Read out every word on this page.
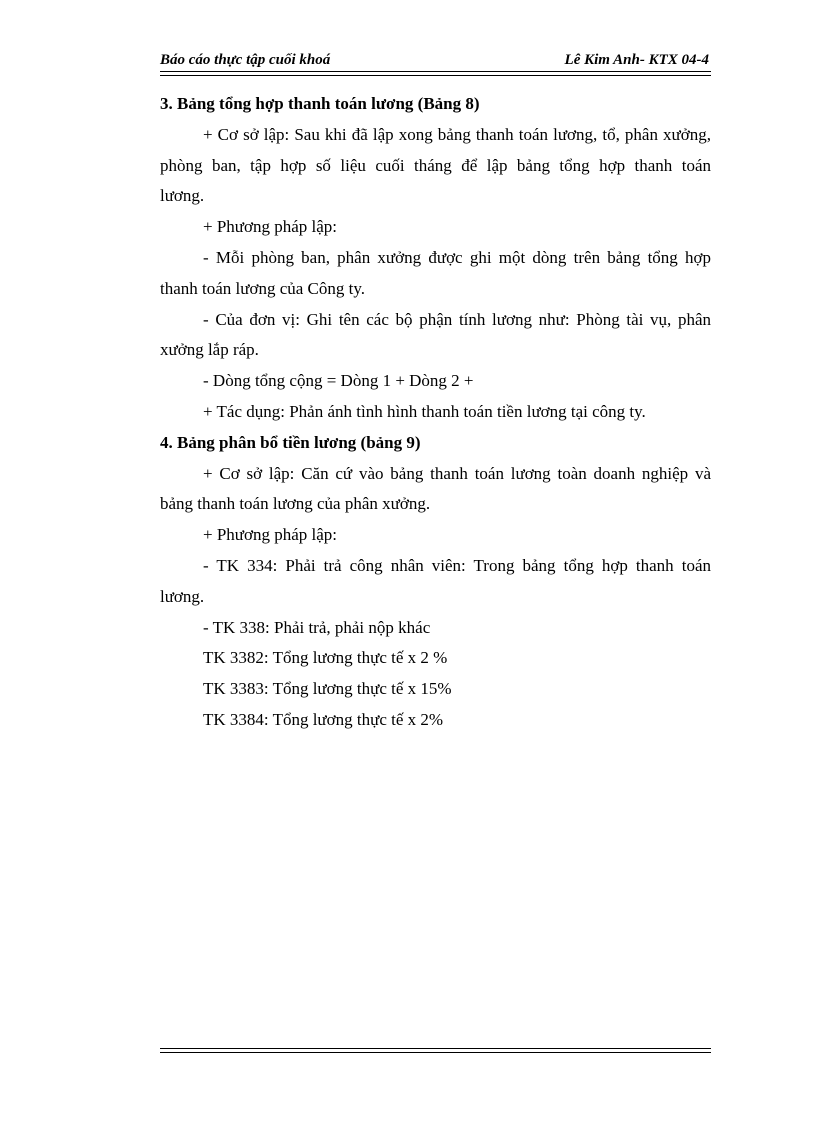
Báo cáo thực tập cuối khoá	Lê Kim Anh- KTX 04-4
3. Bảng tổng hợp thanh toán lương (Bảng 8)
+ Cơ sở lập: Sau khi đã lập xong bảng thanh toán lương, tổ, phân xưởng,
phòng ban, tập hợp số liệu cuối tháng để lập bảng tổng hợp thanh toán
lương.
+ Phương pháp lập:
- Mỗi phòng ban, phân xưởng được ghi một dòng trên bảng tổng hợp
thanh toán lương của Công ty.
- Của đơn vị: Ghi tên các bộ phận tính lương như: Phòng tài vụ, phân
xưởng lắp ráp.
- Dòng tổng cộng = Dòng 1 + Dòng 2 +
+ Tác dụng: Phản ánh tình hình thanh toán tiền lương tại công ty.
4. Bảng phân bổ tiền lương (bảng 9)
+ Cơ sở lập: Căn cứ vào bảng thanh toán lương toàn doanh nghiệp và
bảng thanh toán lương của phân xưởng.
+ Phương pháp lập:
- TK 334: Phải trả công nhân viên: Trong bảng tổng hợp thanh toán
lương.
- TK 338: Phải trả, phải nộp khác
TK 3382: Tổng lương thực tế x 2 %
TK 3383: Tổng lương thực tế x 15%
TK 3384: Tổng lương thực tế x 2%
